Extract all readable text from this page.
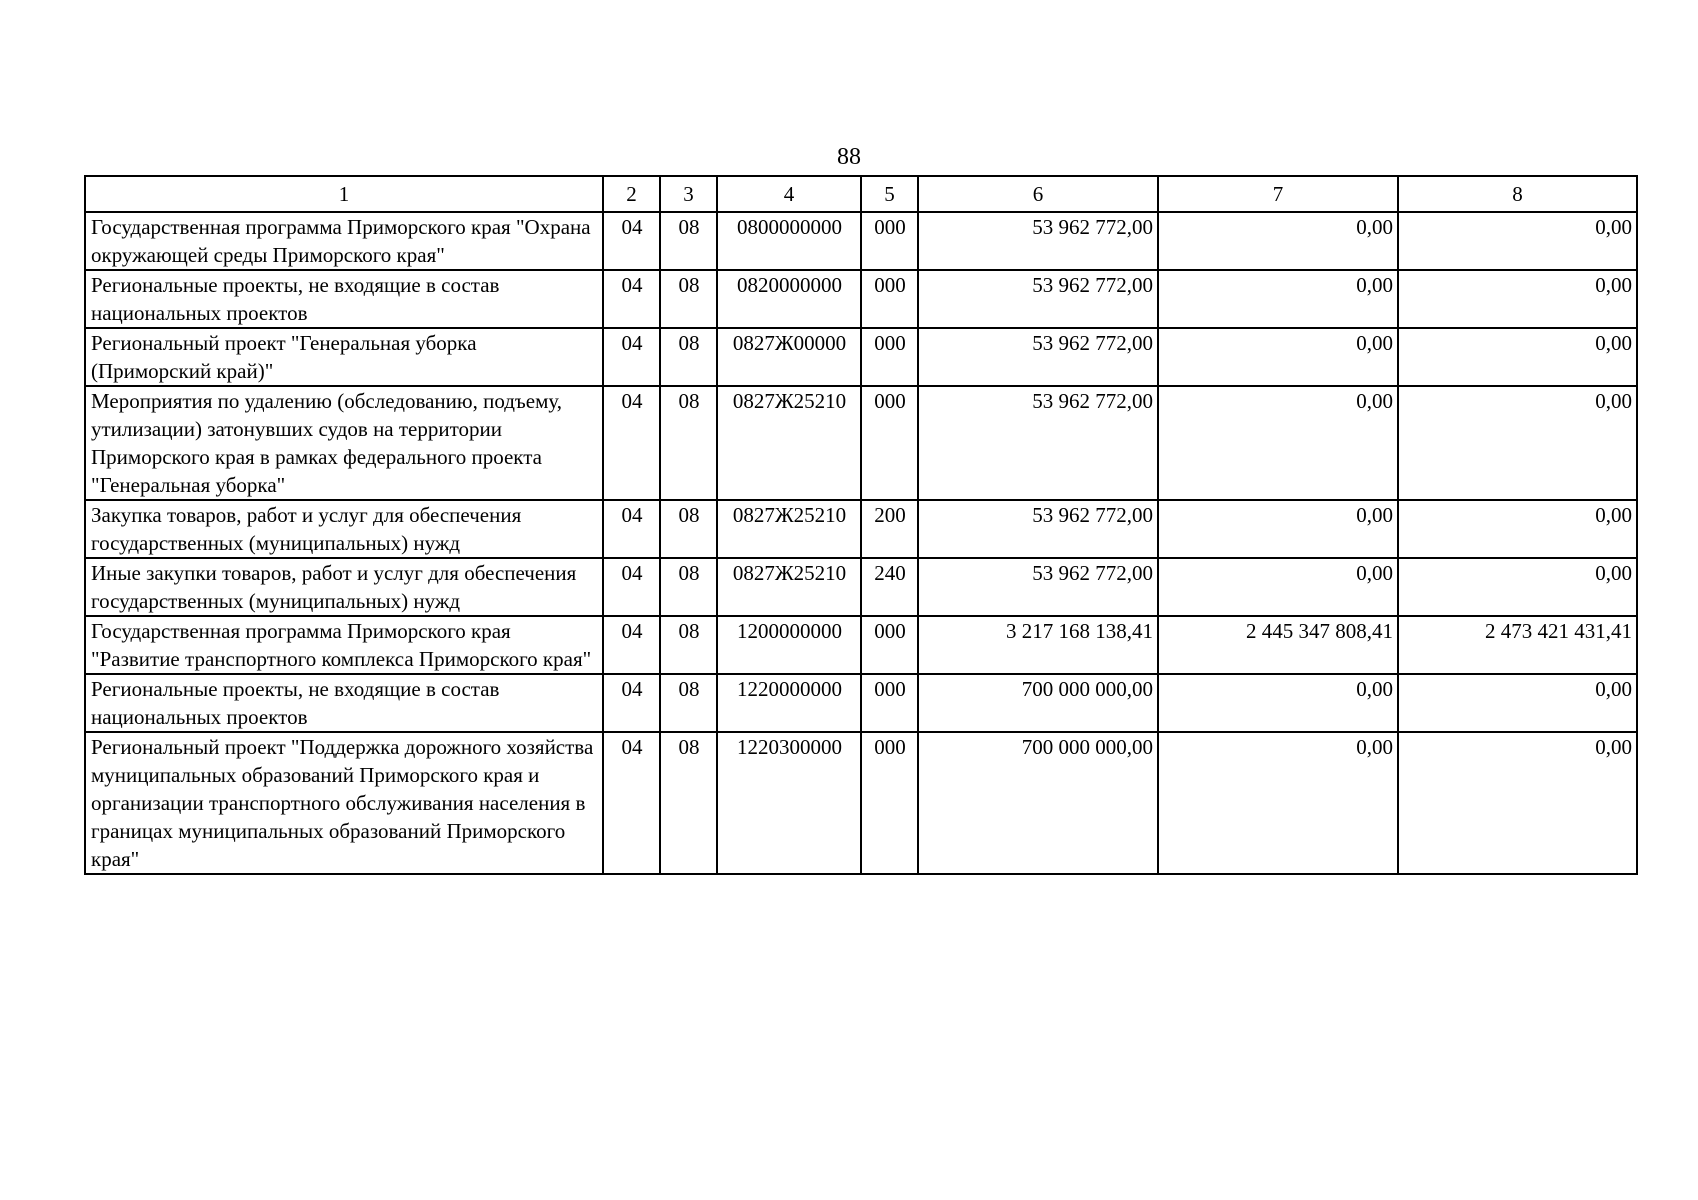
88
1	2	3	4	5	6	7	8
Государственная программа Приморского края "Охрана окружающей среды Приморского края"	04	08	0800000000	000	53 962 772,00	0,00	0,00
Региональные проекты, не входящие в состав национальных проектов	04	08	0820000000	000	53 962 772,00	0,00	0,00
Региональный проект "Генеральная уборка (Приморский край)"	04	08	0827Ж00000	000	53 962 772,00	0,00	0,00
Мероприятия по удалению (обследованию, подъему, утилизации) затонувших судов на территории Приморского края в рамках федерального проекта "Генеральная уборка"	04	08	0827Ж25210	000	53 962 772,00	0,00	0,00
Закупка товаров, работ и услуг для обеспечения государственных (муниципальных) нужд	04	08	0827Ж25210	200	53 962 772,00	0,00	0,00
Иные закупки товаров, работ и услуг для обеспечения государственных (муниципальных) нужд	04	08	0827Ж25210	240	53 962 772,00	0,00	0,00
Государственная программа Приморского края "Развитие транспортного комплекса Приморского края"	04	08	1200000000	000	3 217 168 138,41	2 445 347 808,41	2 473 421 431,41
Региональные проекты, не входящие в состав национальных проектов	04	08	1220000000	000	700 000 000,00	0,00	0,00
Региональный проект "Поддержка дорожного хозяйства муниципальных образований Приморского края и организации транспортного обслуживания населения в границах муниципальных образований Приморского края"	04	08	1220300000	000	700 000 000,00	0,00	0,00
